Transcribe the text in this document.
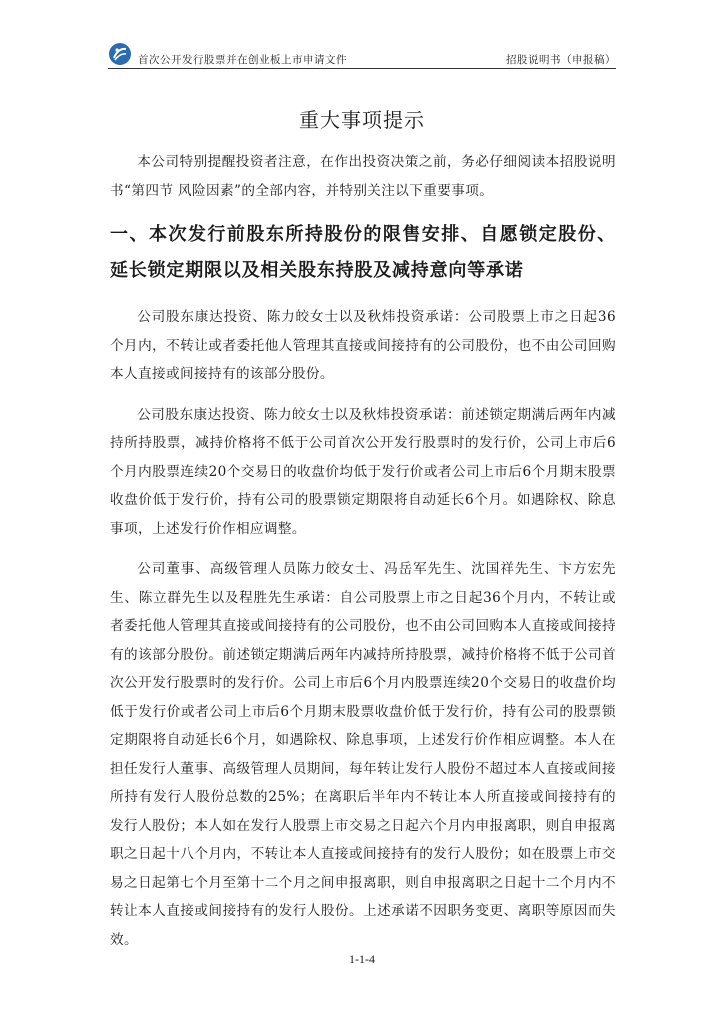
首次公开发行股票并在创业板上市申请文件	招股说明书（申报稿）
重大事项提示

本公司特别提醒投资者注意，在作出投资决策之前，务必仔细阅读本招股说明书“第四节 风险因素”的全部内容，并特别关注以下重要事项。

一、本次发行前股东所持股份的限售安排、自愿锁定股份、延长锁定期限以及相关股东持股及减持意向等承诺

公司股东康达投资、陈力皎女士以及秋炜投资承诺：公司股票上市之日起36个月内，不转让或者委托他人管理其直接或间接持有的公司股份，也不由公司回购本人直接或间接持有的该部分股份。

公司股东康达投资、陈力皎女士以及秋炜投资承诺：前述锁定期满后两年内减持所持股票，减持价格将不低于公司首次公开发行股票时的发行价，公司上市后6个月内股票连续20个交易日的收盘价均低于发行价或者公司上市后6个月期末股票收盘价低于发行价，持有公司的股票锁定期限将自动延长6个月。如遇除权、除息事项，上述发行价作相应调整。

公司董事、高级管理人员陈力皎女士、冯岳军先生、沈国祥先生、卞方宏先生、陈立群先生以及程胜先生承诺：自公司股票上市之日起36个月内，不转让或者委托他人管理其直接或间接持有的公司股份，也不由公司回购本人直接或间接持有的该部分股份。前述锁定期满后两年内减持所持股票，减持价格将不低于公司首次公开发行股票时的发行价。公司上市后6个月内股票连续20个交易日的收盘价均低于发行价或者公司上市后6个月期末股票收盘价低于发行价，持有公司的股票锁定期限将自动延长6个月，如遇除权、除息事项，上述发行价作相应调整。本人在担任发行人董事、高级管理人员期间，每年转让发行人股份不超过本人直接或间接所持有发行人股份总数的25%；在离职后半年内不转让本人所直接或间接持有的发行人股份；本人如在发行人股票上市交易之日起六个月内申报离职，则自申报离职之日起十八个月内，不转让本人直接或间接持有的发行人股份；如在股票上市交易之日起第七个月至第十二个月之间申报离职，则自申报离职之日起十二个月内不转让本人直接或间接持有的发行人股份。上述承诺不因职务变更、离职等原因而失效。

1-1-4
